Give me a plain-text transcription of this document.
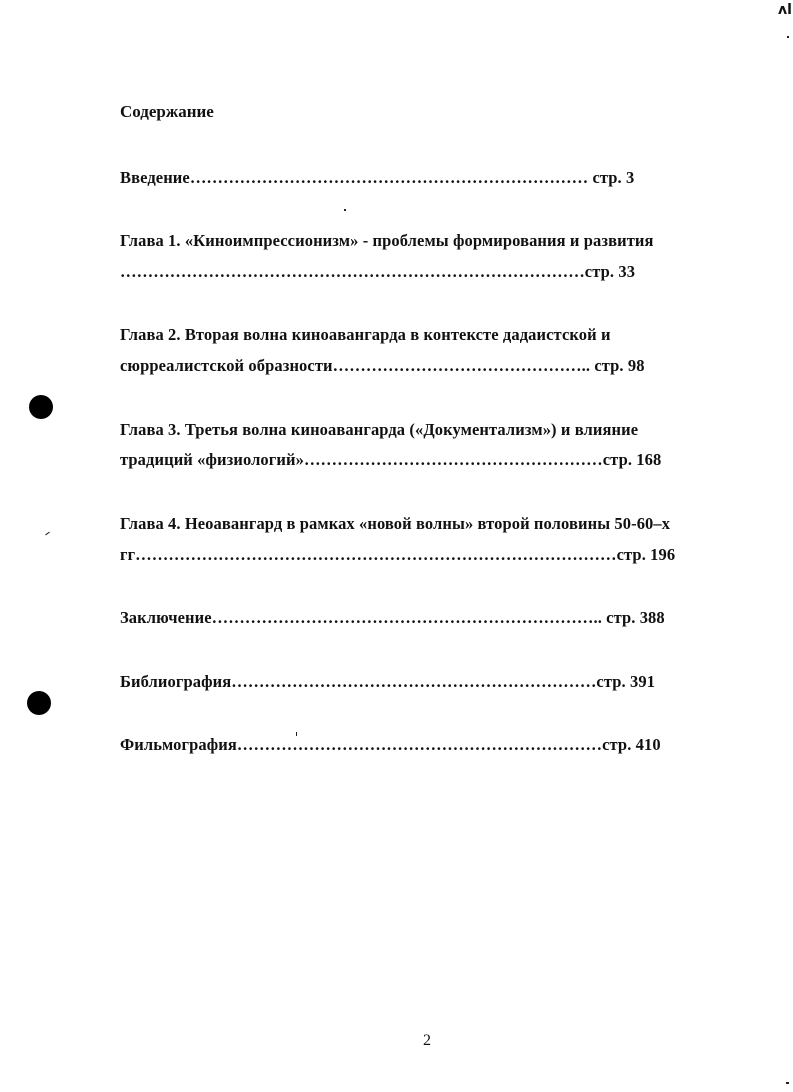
ᴧl
Содержание
Введение……………………………………………………………… стр. 3
Глава 1. «Киноимпрессионизм» - проблемы формирования и развития
…………………………………………………………………………стр. 33
Глава 2. Вторая волна киноавангарда в контексте дадаистской и
сюрреалистской образности……………………………………….. стр. 98
Глава 3. Третья волна киноавангарда («Документализм») и влияние
традиций «физиологий»………………………………………………стр. 168
Глава 4. Неоавангард в рамках «новой волны» второй половины 50-60–х
гг……………………………………………………………………………стр. 196
Заключение…………………………………………………………….. стр. 388
Библиография…………………………………………………………стр. 391
Фильмография…………………………………………………………стр. 410
2
